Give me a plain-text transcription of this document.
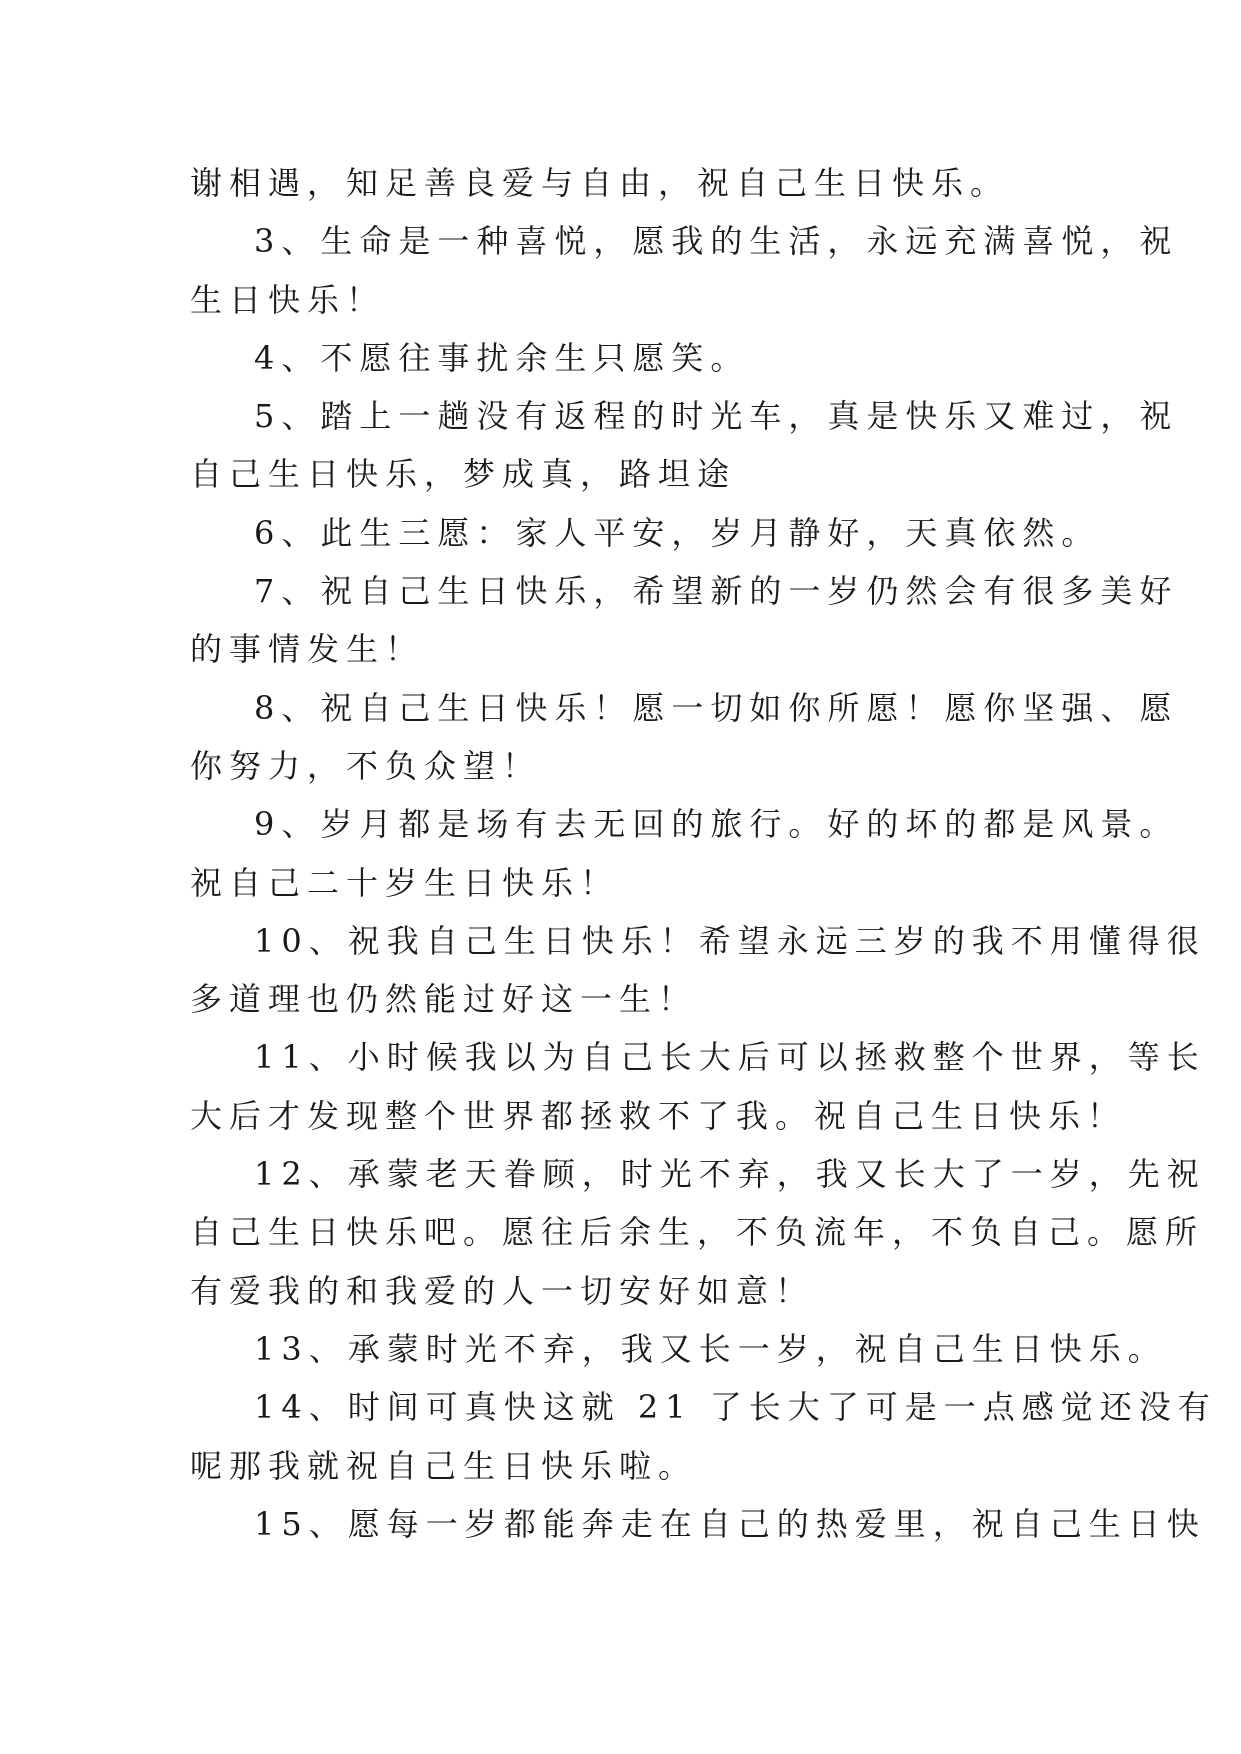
谢相遇，知足善良爱与自由，祝自己生日快乐。
3、生命是一种喜悦，愿我的生活，永远充满喜悦，祝
生日快乐！
4、不愿往事扰余生只愿笑。
5、踏上一趟没有返程的时光车，真是快乐又难过，祝
自己生日快乐，梦成真，路坦途
6、此生三愿：家人平安，岁月静好，天真依然。
7、祝自己生日快乐，希望新的一岁仍然会有很多美好
的事情发生！
8、祝自己生日快乐！愿一切如你所愿！愿你坚强、愿
你努力，不负众望！
9、岁月都是场有去无回的旅行。好的坏的都是风景。
祝自己二十岁生日快乐！
10、祝我自己生日快乐！希望永远三岁的我不用懂得很
多道理也仍然能过好这一生！
11、小时候我以为自己长大后可以拯救整个世界，等长
大后才发现整个世界都拯救不了我。祝自己生日快乐！
12、承蒙老天眷顾，时光不弃，我又长大了一岁，先祝
自己生日快乐吧。愿往后余生，不负流年，不负自己。愿所
有爱我的和我爱的人一切安好如意！
13、承蒙时光不弃，我又长一岁，祝自己生日快乐。
14、时间可真快这就 21 了长大了可是一点感觉还没有
呢那我就祝自己生日快乐啦。
15、愿每一岁都能奔走在自己的热爱里，祝自己生日快
